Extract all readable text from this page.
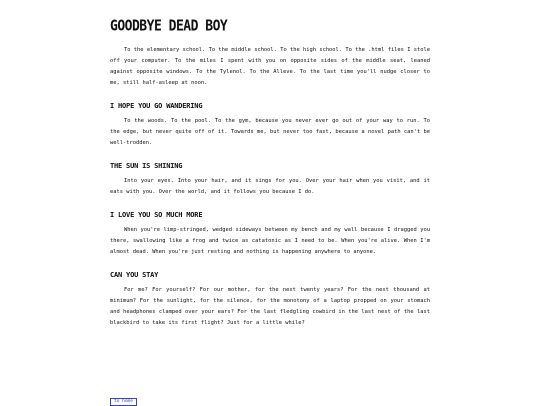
GOODBYE DEAD BOY

To the elementary school. To the middle school. To the high school. To the .html files I stole off your computer. To the miles I spent with you on opposite sides of the middle seat, leaned against opposite windows. To the Tylenol. To the Alleve. To the last time you'll nudge closer to me, still half-asleep at noon.

I HOPE YOU GO WANDERING

To the woods. To the pool. To the gym, because you never ever go out of your way to run. To the edge, but never quite off of it. Towards me, but never too fast, because a novel path can't be well-trodden.

THE SUN IS SHINING

Into your eyes. Into your hair, and it sings for you. Over your hair when you visit, and it eats with you. Over the world, and it follows you because I do.

I LOVE YOU SO MUCH MORE

When you're limp-stringed, wedged sideways between my bench and my wall because I dragged you there, swallowing like a frog and twice as catatonic as I need to be. When you're alive. When I'm almost dead. When you're just resting and nothing is happening anywhere to anyone.

CAN YOU STAY

For me? For yourself? For our mother, for the next twenty years? For the next thousand at minimum? For the sunlight, for the silence, for the monotony of a laptop propped on your stomach and headphones clamped over your ears? For the last fledgling cowbird in the last nest of the last blackbird to take its first flight? Just for a little while?

to home
